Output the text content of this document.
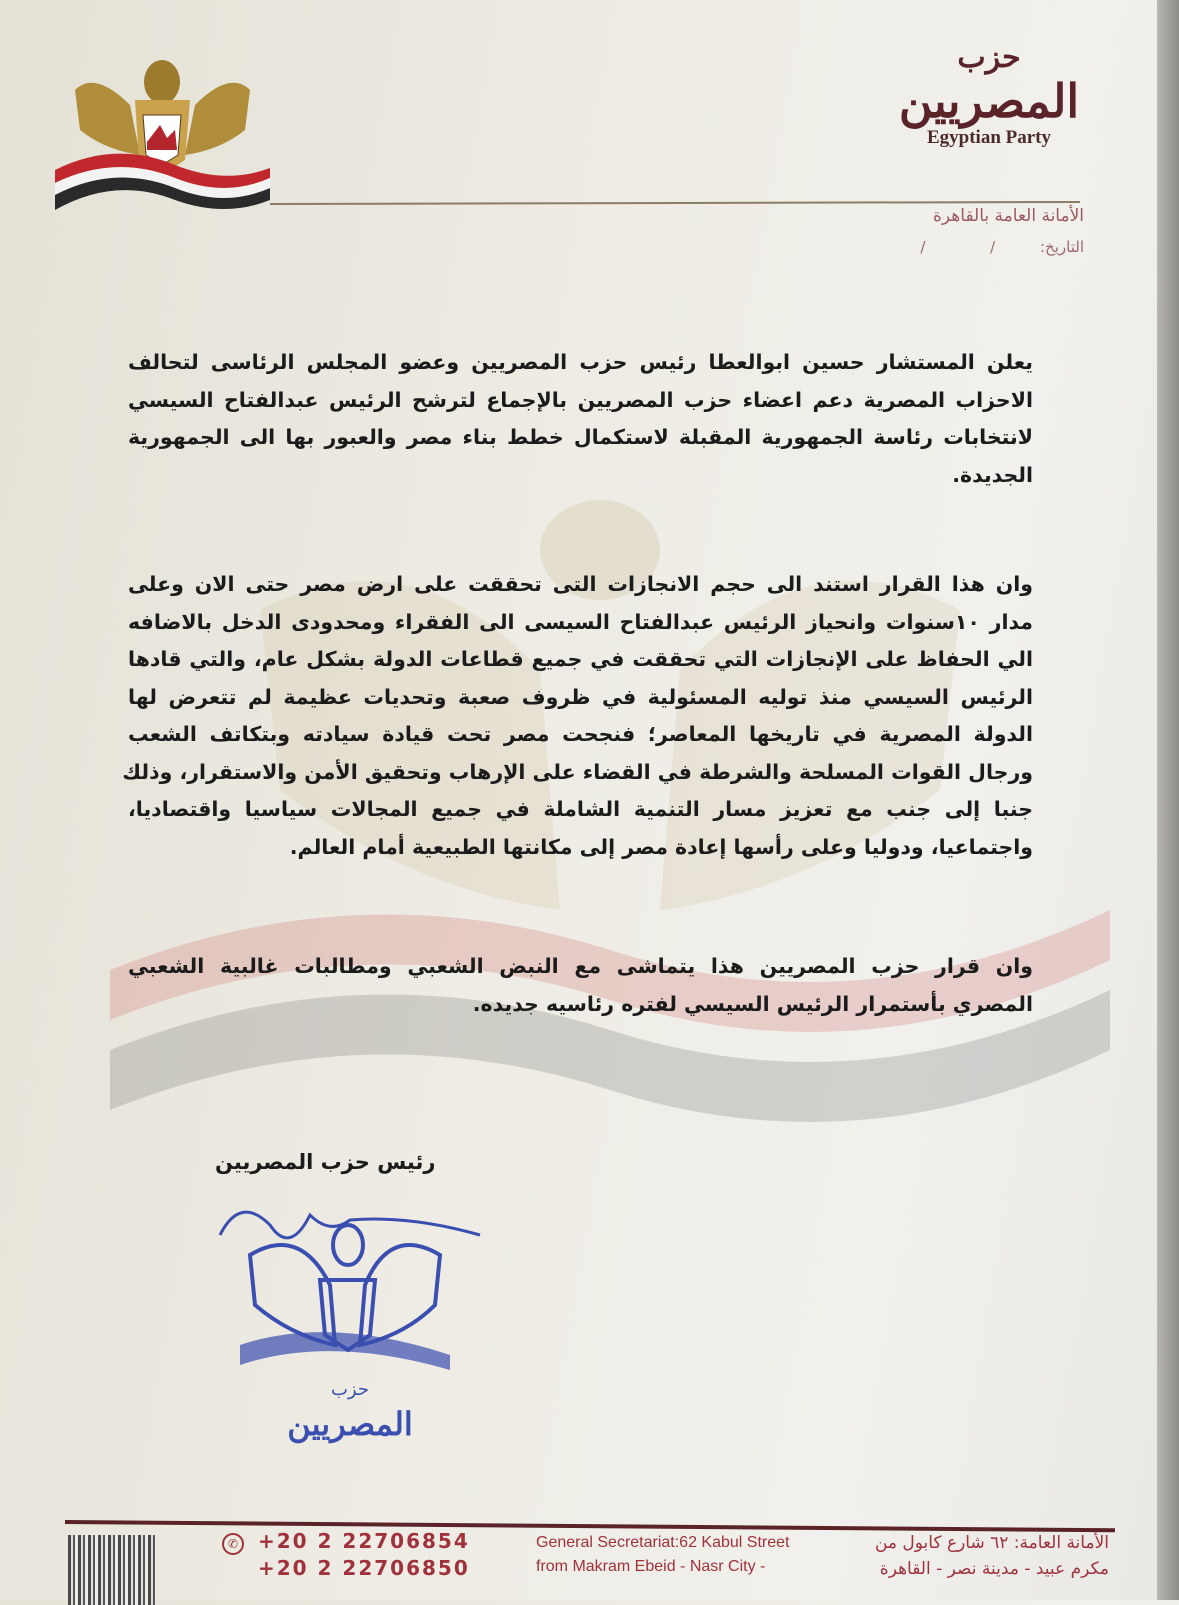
حزب
المصريين
Egyptian Party
الأمانة العامة بالقاهرة
التاريخ: / /
يعلن المستشار حسين ابوالعطا رئيس حزب المصريين وعضو المجلس الرئاسى لتحالف
الاحزاب المصرية دعم اعضاء حزب المصريين بالإجماع لترشح الرئيس عبدالفتاح السيسي
لانتخابات رئاسة الجمهورية المقبلة لاستكمال خطط بناء مصر والعبور بها الى الجمهورية
الجديدة.
وان هذا القرار استند الى حجم الانجازات التى تحققت على ارض مصر حتى الان وعلى
مدار ١٠سنوات وانحياز الرئيس عبدالفتاح السيسى الى الفقراء ومحدودى الدخل بالاضافه
الي الحفاظ على الإنجازات التي تحققت في جميع قطاعات الدولة بشكل عام، والتي قادها
الرئيس السيسي منذ توليه المسئولية في ظروف صعبة وتحديات عظيمة لم تتعرض لها
الدولة المصرية في تاريخها المعاصر؛ فنجحت مصر تحت قيادة سيادته وبتكاتف الشعب
ورجال القوات المسلحة والشرطة في القضاء على الإرهاب وتحقيق الأمن والاستقرار، وذلك
جنبا إلى جنب مع تعزيز مسار التنمية الشاملة في جميع المجالات سياسيا واقتصاديا،
واجتماعيا، ودوليا وعلى رأسها إعادة مصر إلى مكانتها الطبيعية أمام العالم.
وان قرار حزب المصريين هذا يتماشى مع النبض الشعبي ومطالبات غالبية الشعبي
المصري بأستمرار الرئيس السيسي لفتره رئاسيه جديده.
رئيس حزب المصريين
حزب
المصريين
✆ +20 2 22706854
+20 2 22706850
General Secretariat:62 Kabul Street
from Makram Ebeid - Nasr City -
الأمانة العامة: ٦٢ شارع كابول من
مكرم عبيد - مدينة نصر - القاهرة
